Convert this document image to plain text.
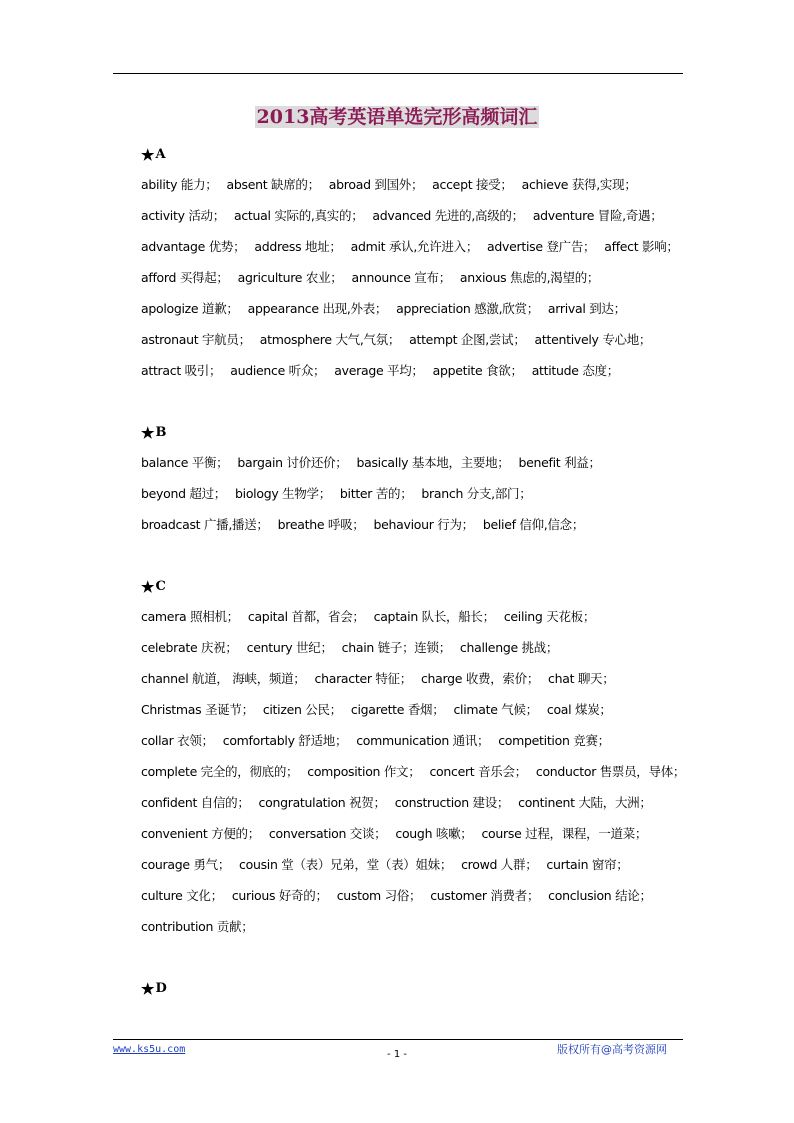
2013高考英语单选完形高频词汇
★ A
ability 能力； absent 缺席的； abroad 到国外； accept 接受； achieve 获得,实现；
activity 活动； actual 实际的,真实的； advanced 先进的,高级的； adventure 冒险,奇遇；
advantage 优势； address 地址； admit 承认,允许进入； advertise 登广告； affect 影响；
afford 买得起； agriculture 农业； announce 宣布； anxious 焦虑的,渴望的；
apologize 道歉； appearance 出现,外表； appreciation 感激,欣赏； arrival 到达；
astronaut 宇航员； atmosphere 大气,气氛； attempt 企图,尝试； attentively 专心地；
attract 吸引； audience 听众； average 平均； appetite 食欲； attitude 态度；
★ B
balance 平衡； bargain 讨价还价； basically 基本地，主要地； benefit 利益；
beyond 超过； biology 生物学； bitter 苦的； branch 分支,部门；
broadcast 广播,播送； breathe 呼吸； behaviour 行为； belief 信仰,信念；
★ C
camera 照相机； capital 首都，省会； captain 队长，船长； ceiling 天花板；
celebrate 庆祝； century 世纪； chain 链子；连锁； challenge 挑战；
channel 航道， 海峡，频道； character 特征； charge 收费，索价； chat 聊天；
Christmas 圣诞节； citizen 公民； cigarette 香烟； climate 气候； coal 煤炭；
collar 衣领； comfortably 舒适地； communication 通讯； competition 竞赛；
complete 完全的，彻底的； composition 作文； concert 音乐会； conductor 售票员，导体；
confident 自信的； congratulation 祝贺； construction 建设； continent 大陆，大洲；
convenient 方便的； conversation 交谈； cough 咳嗽； course 过程，课程，一道菜；
courage 勇气； cousin 堂（表）兄弟，堂（表）姐妹； crowd 人群； curtain 窗帘；
culture 文化； curious 好奇的； custom 习俗； customer 消费者； conclusion 结论；
contribution 贡献；
★ D
www.ks5u.com	- 1 -	版权所有@高考资源网
